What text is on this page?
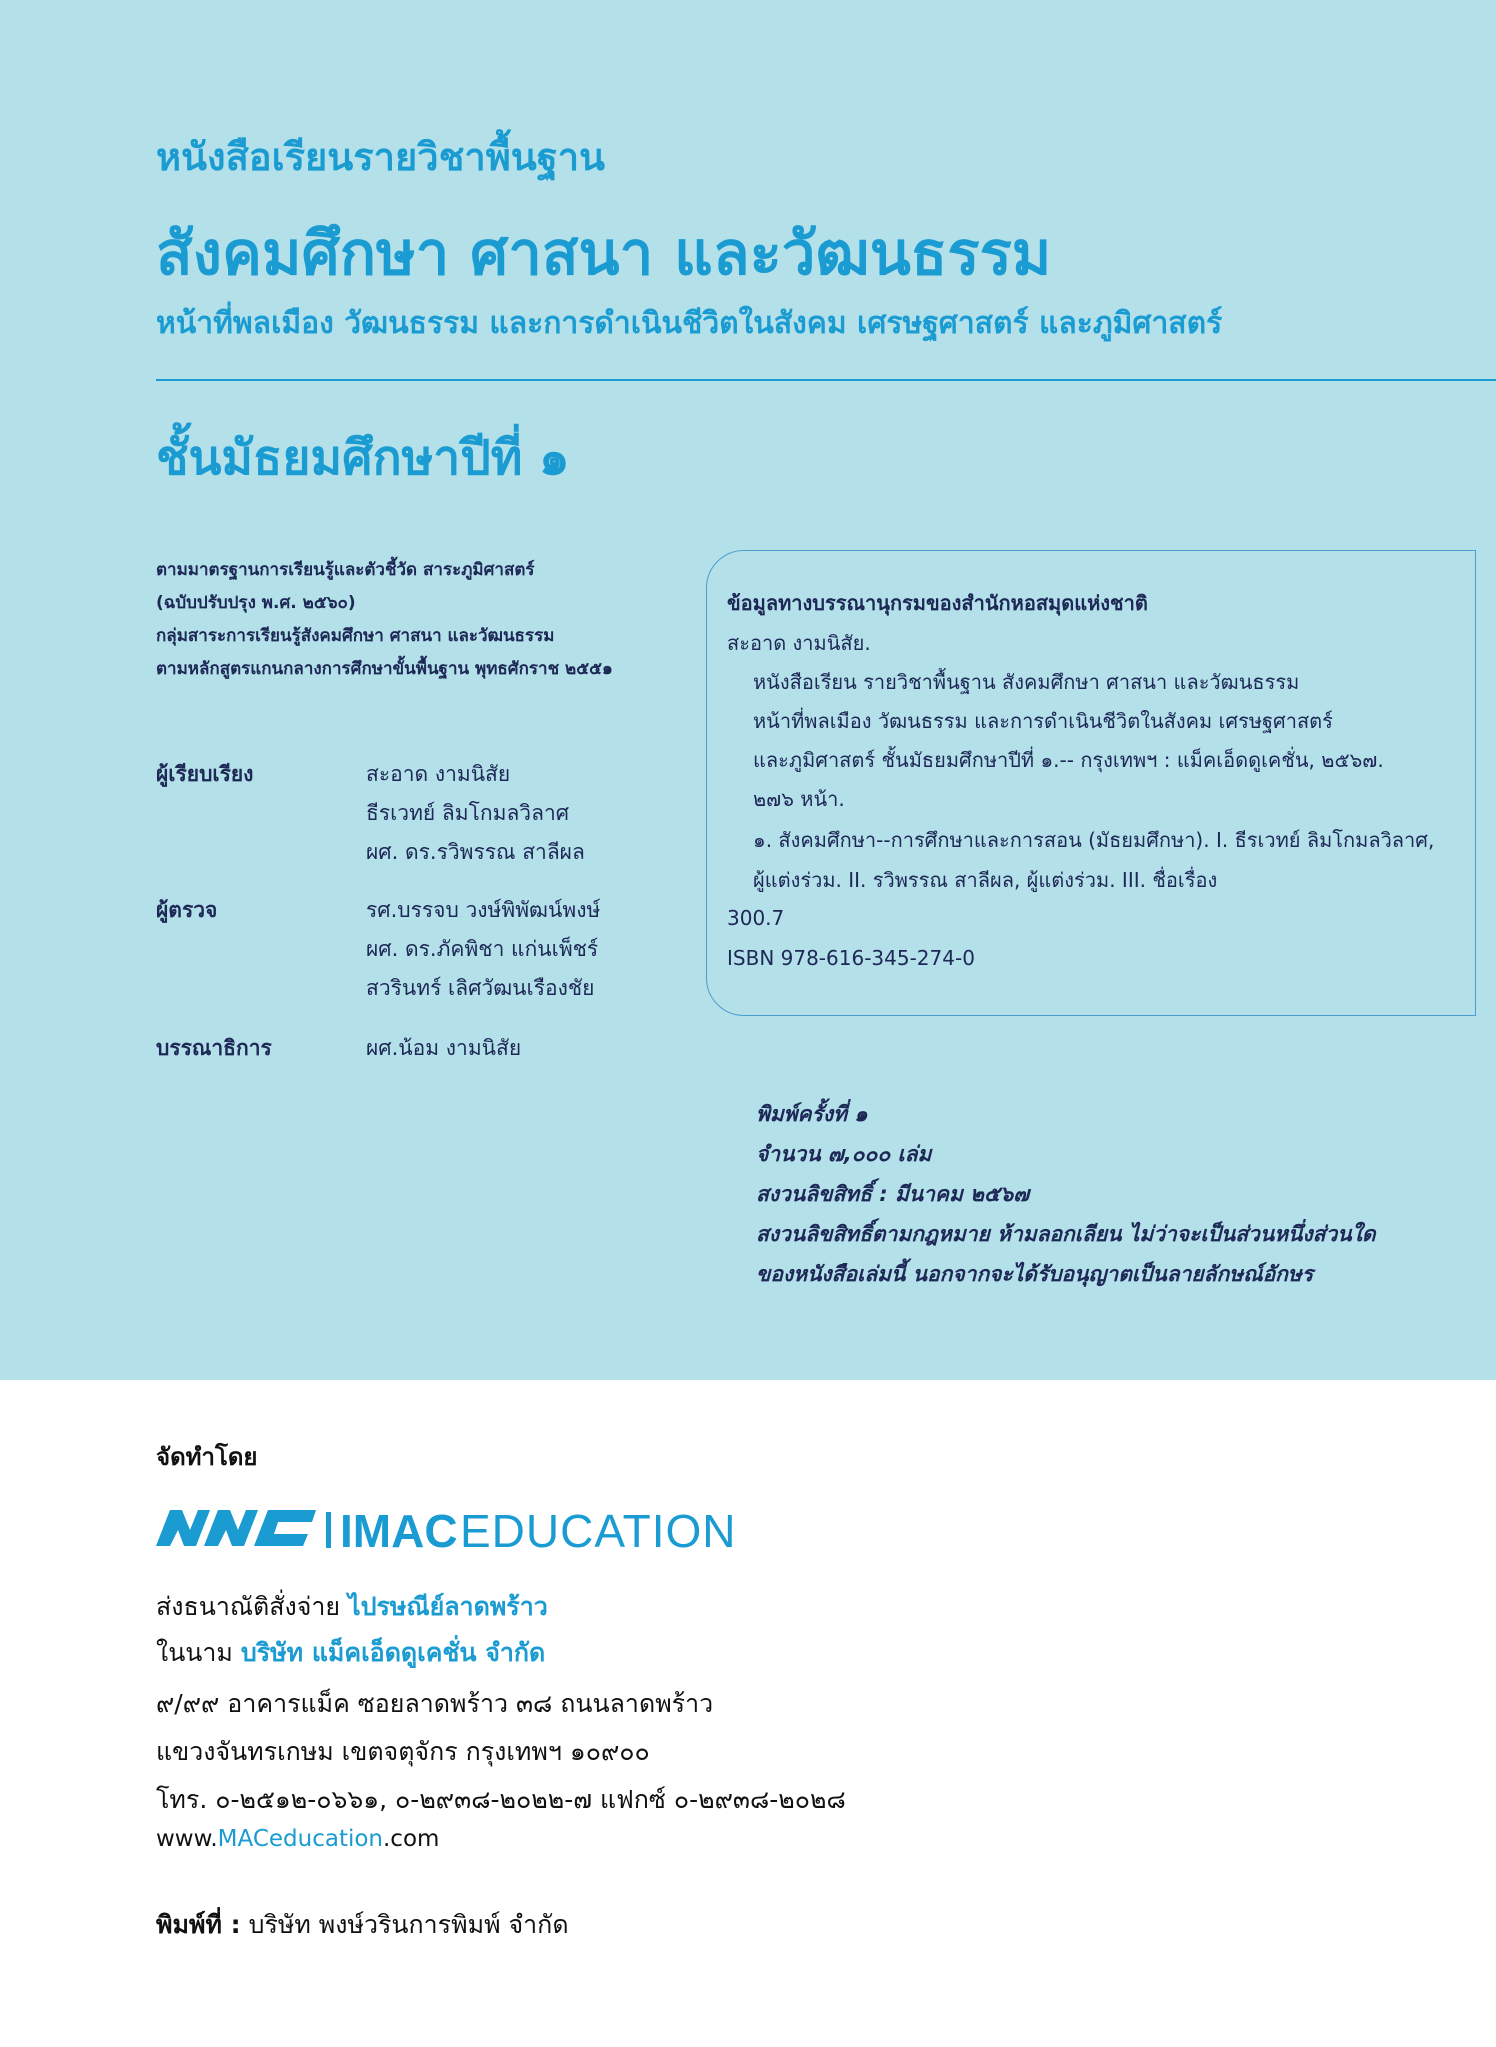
หนังสือเรียนรายวิชาพื้นฐาน
สังคมศึกษา ศาสนา และวัฒนธรรม
หน้าที่พลเมือง วัฒนธรรม และการดำเนินชีวิตในสังคม เศรษฐศาสตร์ และภูมิศาสตร์
ชั้นมัธยมศึกษาปีที่ ๑
ตามมาตรฐานการเรียนรู้และตัวชี้วัด สาระภูมิศาสตร์
(ฉบับปรับปรุง พ.ศ. ๒๕๖๐)
กลุ่มสาระการเรียนรู้สังคมศึกษา ศาสนา และวัฒนธรรม
ตามหลักสูตรแกนกลางการศึกษาขั้นพื้นฐาน พุทธศักราช ๒๕๕๑
ผู้เรียบเรียง	สะอาด งามนิสัย
ธีรเวทย์ ลิมโกมลวิลาศ
ผศ. ดร.รวิพรรณ สาลีผล
ผู้ตรวจ	รศ.บรรจบ วงษ์พิพัฒน์พงษ์
ผศ. ดร.ภัคพิชา แก่นเพ็ชร์
สวรินทร์ เลิศวัฒนเรืองชัย
บรรณาธิการ	ผศ.น้อม งามนิสัย
ข้อมูลทางบรรณานุกรมของสำนักหอสมุดแห่งชาติ
สะอาด งามนิสัย.
หนังสือเรียน รายวิชาพื้นฐาน สังคมศึกษา ศาสนา และวัฒนธรรม
หน้าที่พลเมือง วัฒนธรรม และการดำเนินชีวิตในสังคม เศรษฐศาสตร์
และภูมิศาสตร์ ชั้นมัธยมศึกษาปีที่ ๑.-- กรุงเทพฯ : แม็คเอ็ดดูเคชั่น, ๒๕๖๗.
๒๗๖ หน้า.
๑. สังคมศึกษา--การศึกษาและการสอน (มัธยมศึกษา). I. ธีรเวทย์ ลิมโกมลวิลาศ,
ผู้แต่งร่วม. II. รวิพรรณ สาลีผล, ผู้แต่งร่วม. III. ชื่อเรื่อง
300.7
ISBN 978-616-345-274-0
พิมพ์ครั้งที่ ๑
จำนวน ๗,๐๐๐ เล่ม
สงวนลิขสิทธิ์ : มีนาคม ๒๕๖๗
สงวนลิขสิทธิ์ตามกฎหมาย ห้ามลอกเลียน ไม่ว่าจะเป็นส่วนหนึ่งส่วนใด
ของหนังสือเล่มนี้ นอกจากจะได้รับอนุญาตเป็นลายลักษณ์อักษร
จัดทำโดย
IMAC EDUCATION
ส่งธนาณัติสั่งจ่าย ไปรษณีย์ลาดพร้าว
ในนาม บริษัท แม็คเอ็ดดูเคชั่น จำกัด
๙/๙๙ อาคารแม็ค ซอยลาดพร้าว ๓๘ ถนนลาดพร้าว
แขวงจันทรเกษม เขตจตุจักร กรุงเทพฯ ๑๐๙๐๐
โทร. ๐-๒๕๑๒-๐๖๖๑, ๐-๒๙๓๘-๒๐๒๒-๗ แฟกซ์ ๐-๒๙๓๘-๒๐๒๘
www.MACeducation.com
พิมพ์ที่ : บริษัท พงษ์วรินการพิมพ์ จำกัด
